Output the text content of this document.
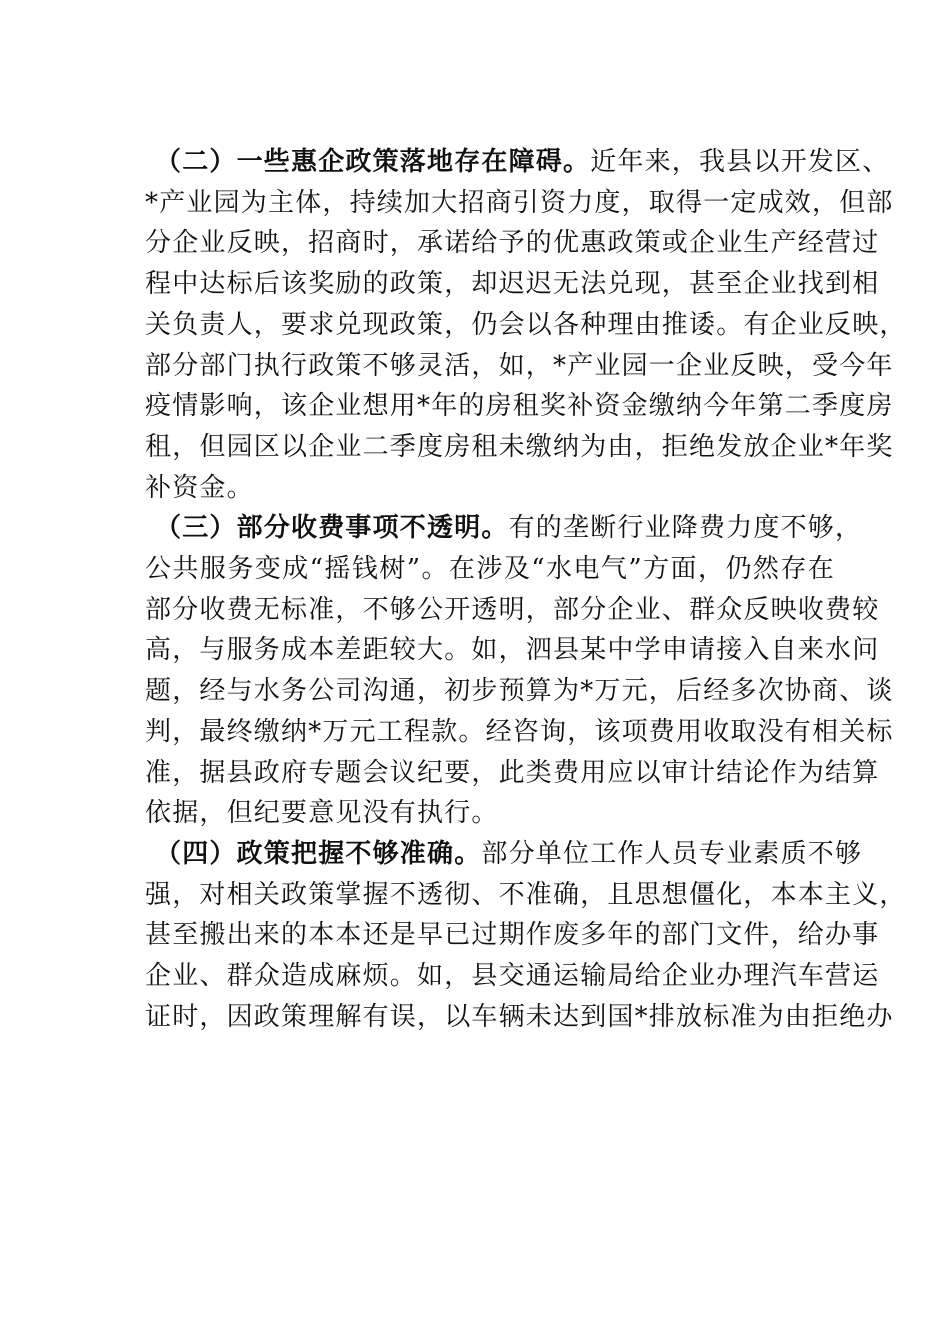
（二）一些惠企政策落地存在障碍。近年来，我县以开发区、
*产业园为主体，持续加大招商引资力度，取得一定成效，但部
分企业反映，招商时，承诺给予的优惠政策或企业生产经营过
程中达标后该奖励的政策，却迟迟无法兑现，甚至企业找到相
关负责人，要求兑现政策，仍会以各种理由推诿。有企业反映，
部分部门执行政策不够灵活，如，*产业园一企业反映，受今年
疫情影响，该企业想用*年的房租奖补资金缴纳今年第二季度房
租，但园区以企业二季度房租未缴纳为由，拒绝发放企业*年奖
补资金。
（三）部分收费事项不透明。有的垄断行业降费力度不够，
公共服务变成“摇钱树”。在涉及“水电气”方面，仍然存在
部分收费无标准，不够公开透明，部分企业、群众反映收费较
高，与服务成本差距较大。如，泗县某中学申请接入自来水问
题，经与水务公司沟通，初步预算为*万元，后经多次协商、谈
判，最终缴纳*万元工程款。经咨询，该项费用收取没有相关标
准，据县政府专题会议纪要，此类费用应以审计结论作为结算
依据，但纪要意见没有执行。
（四）政策把握不够准确。部分单位工作人员专业素质不够
强，对相关政策掌握不透彻、不准确，且思想僵化，本本主义，
甚至搬出来的本本还是早已过期作废多年的部门文件，给办事
企业、群众造成麻烦。如，县交通运输局给企业办理汽车营运
证时，因政策理解有误，以车辆未达到国*排放标准为由拒绝办
